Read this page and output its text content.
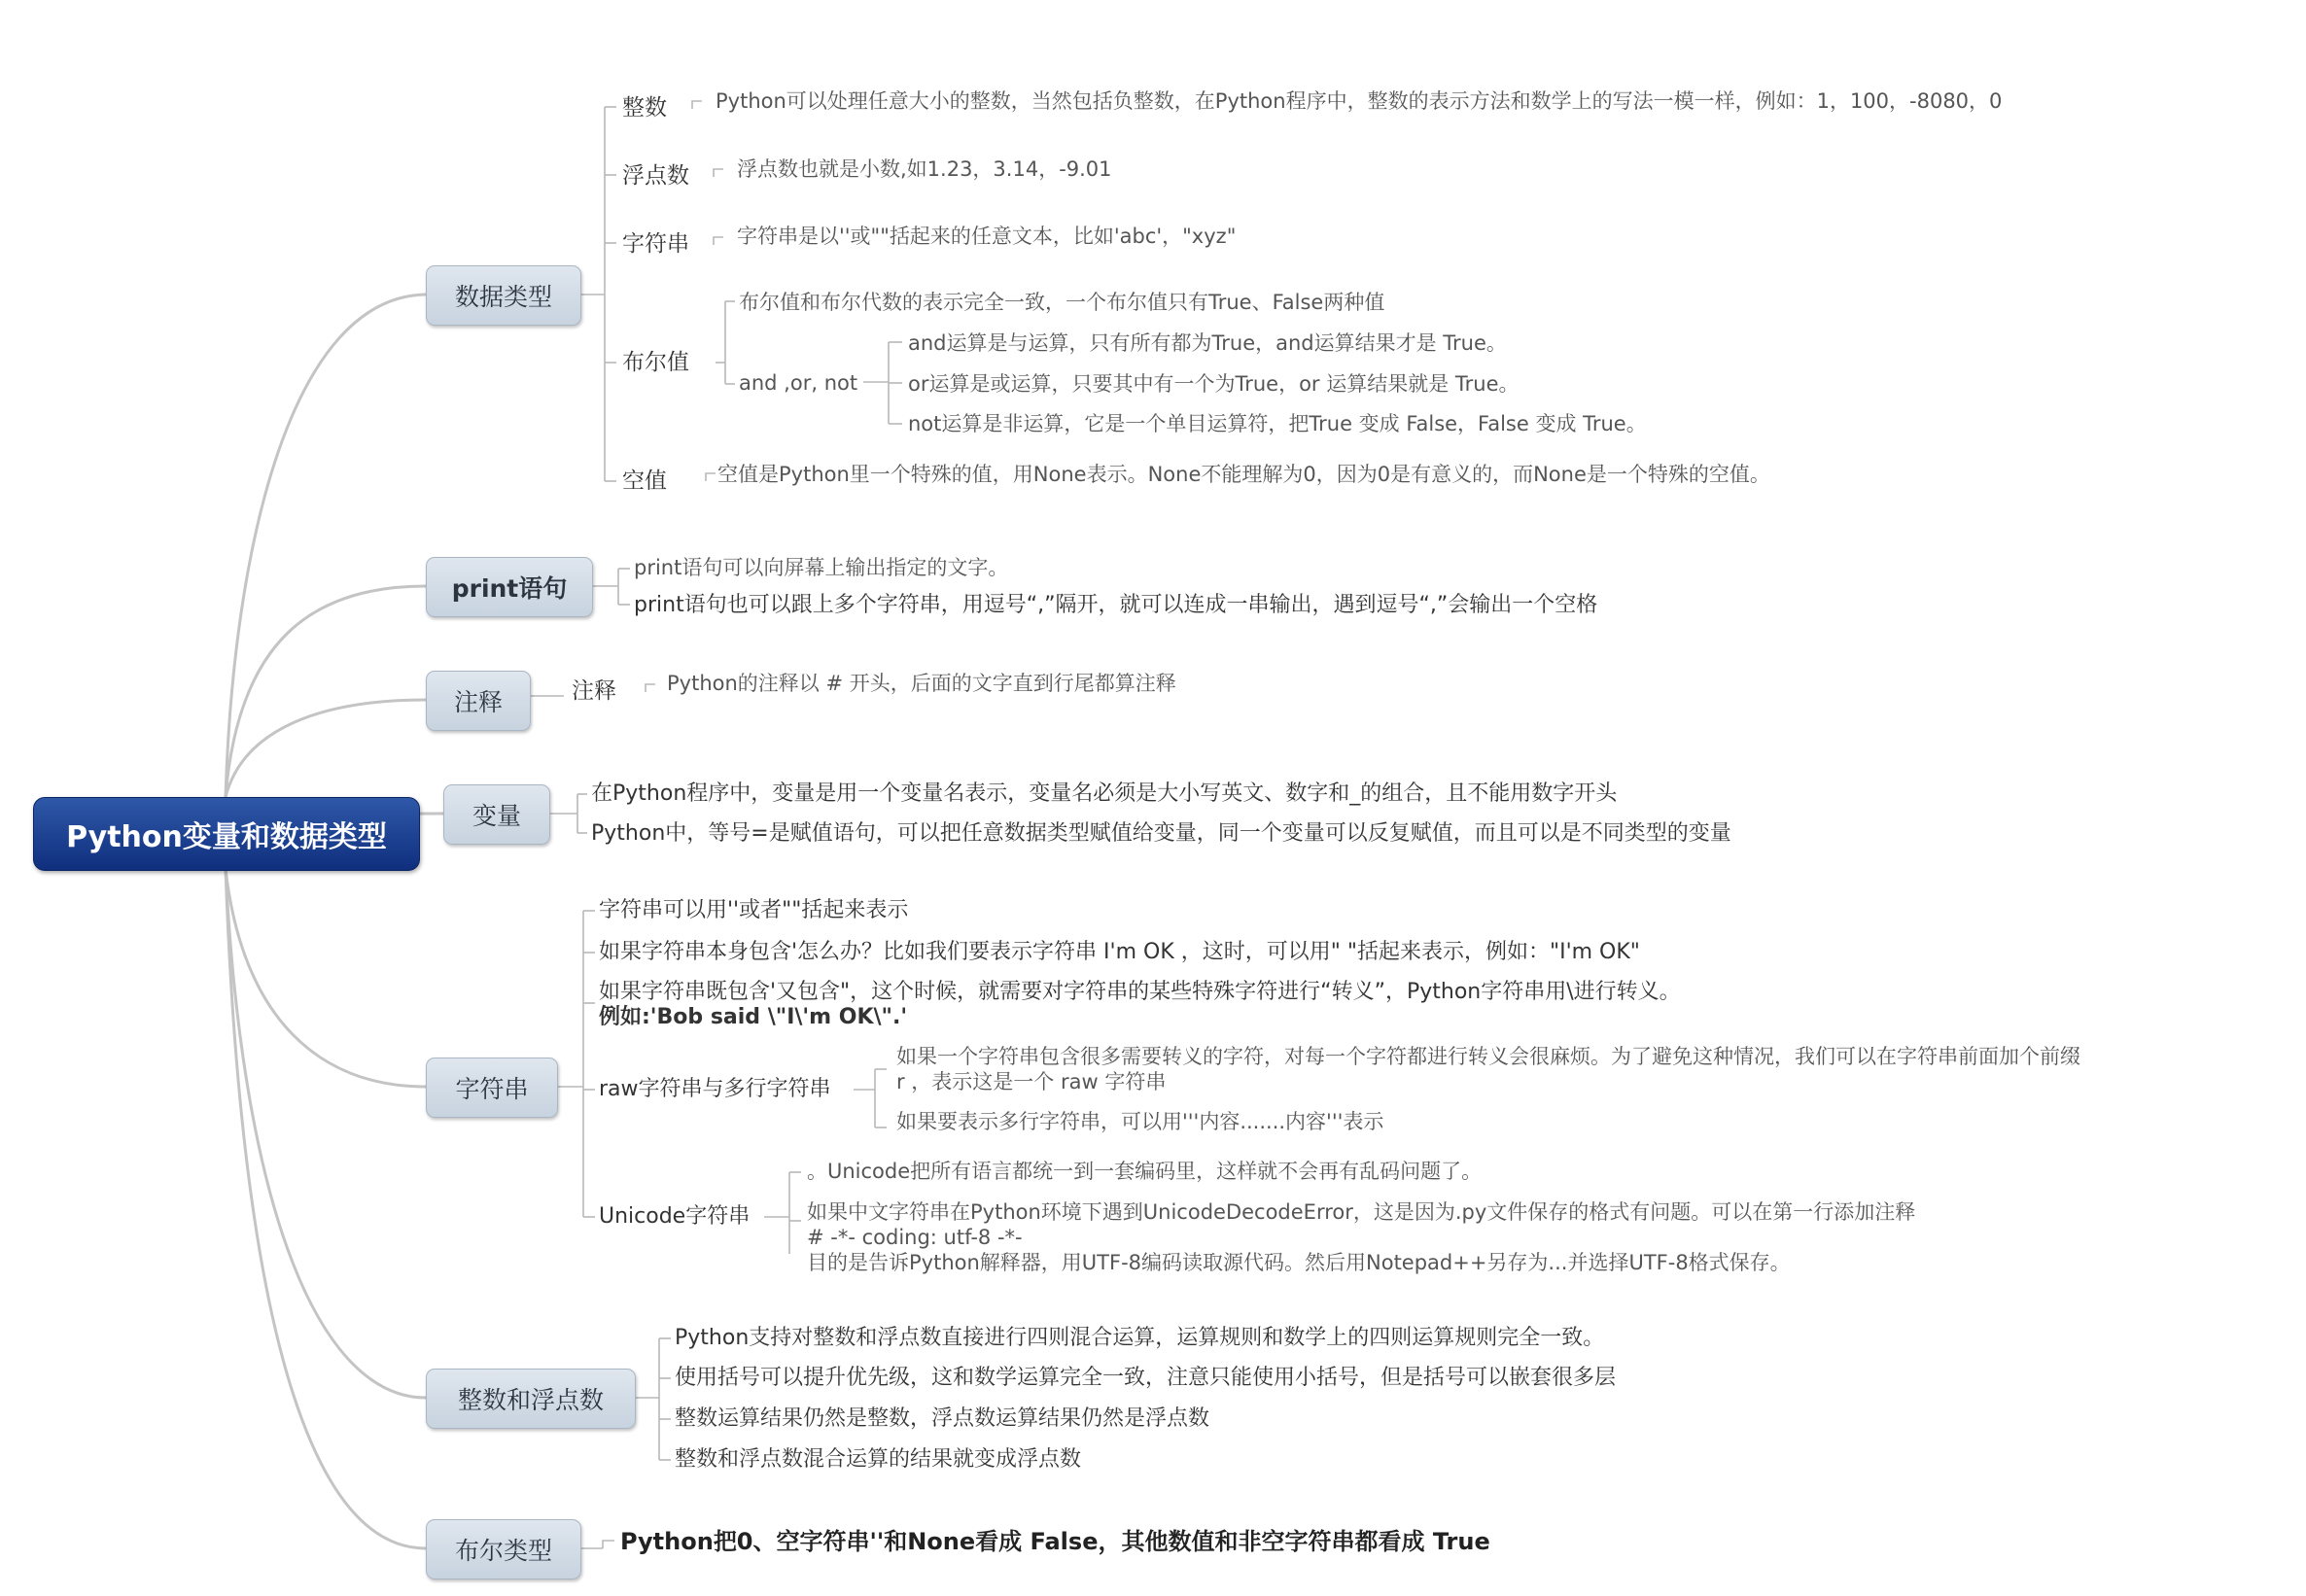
Python变量和数据类型
数据类型
print语句
注释
变量
字符串
整数和浮点数
布尔类型
整数 Python可以处理任意大小的整数，当然包括负整数，在Python程序中，整数的表示方法和数学上的写法一模一样，例如：1，100，-8080，0
浮点数 浮点数也就是小数,如1.23，3.14，-9.01
字符串 字符串是以''或""括起来的任意文本，比如'abc'，"xyz"
布尔值
布尔值和布尔代数的表示完全一致，一个布尔值只有True、False两种值
and ,or, not
and运算是与运算，只有所有都为True，and运算结果才是 True。
or运算是或运算，只要其中有一个为True，or 运算结果就是 True。
not运算是非运算，它是一个单目运算符，把True 变成 False，False 变成 True。
空值 空值是Python里一个特殊的值，用None表示。None不能理解为0，因为0是有意义的，而None是一个特殊的空值。
print语句可以向屏幕上输出指定的文字。
print语句也可以跟上多个字符串，用逗号“,”隔开，就可以连成一串输出，遇到逗号“,”会输出一个空格
注释 Python的注释以 # 开头，后面的文字直到行尾都算注释
在Python程序中，变量是用一个变量名表示，变量名必须是大小写英文、数字和_的组合，且不能用数字开头
Python中，等号=是赋值语句，可以把任意数据类型赋值给变量，同一个变量可以反复赋值，而且可以是不同类型的变量
字符串可以用''或者""括起来表示
如果字符串本身包含'怎么办？比如我们要表示字符串 I'm OK ，这时，可以用" "括起来表示，例如："I'm OK"
如果字符串既包含'又包含"，这个时候，就需要对字符串的某些特殊字符进行“转义”，Python字符串用\进行转义。
例如:'Bob said \"I\'m OK\".'
raw字符串与多行字符串
如果一个字符串包含很多需要转义的字符，对每一个字符都进行转义会很麻烦。为了避免这种情况，我们可以在字符串前面加个前缀
r ，表示这是一个 raw 字符串
如果要表示多行字符串，可以用'''内容.......内容'''表示
Unicode字符串
。Unicode把所有语言都统一到一套编码里，这样就不会再有乱码问题了。
如果中文字符串在Python环境下遇到UnicodeDecodeError，这是因为.py文件保存的格式有问题。可以在第一行添加注释
# -*- coding: utf-8 -*-
目的是告诉Python解释器，用UTF-8编码读取源代码。然后用Notepad++另存为...并选择UTF-8格式保存。
Python支持对整数和浮点数直接进行四则混合运算，运算规则和数学上的四则运算规则完全一致。
使用括号可以提升优先级，这和数学运算完全一致，注意只能使用小括号，但是括号可以嵌套很多层
整数运算结果仍然是整数，浮点数运算结果仍然是浮点数
整数和浮点数混合运算的结果就变成浮点数
Python把0、空字符串''和None看成 False，其他数值和非空字符串都看成 True
